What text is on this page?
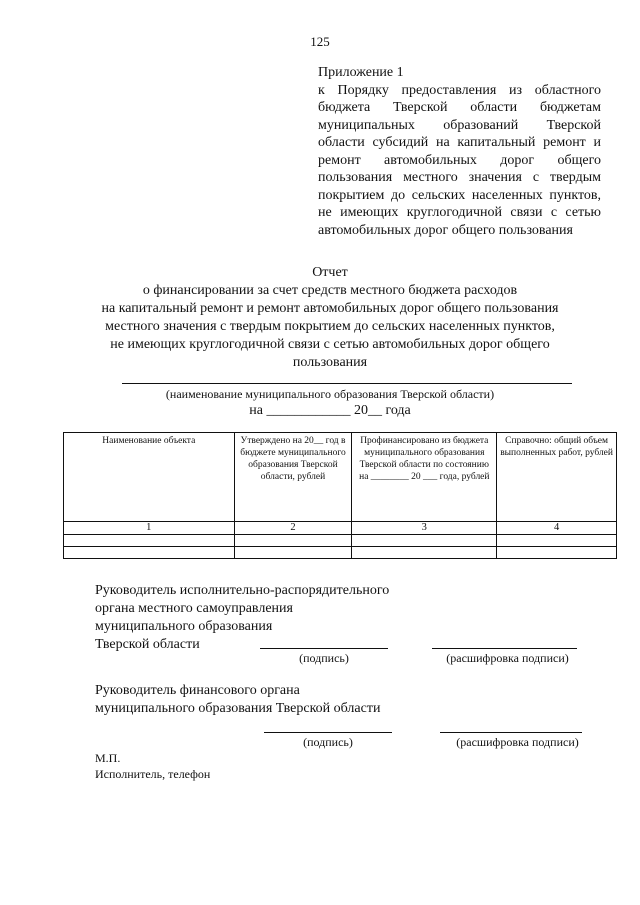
125
Приложение 1
к Порядку предоставления из областного бюджета Тверской области бюджетам муниципальных образований Тверской области субсидий на капитальный ремонт и ремонт автомобильных дорог общего пользования местного значения с твердым покрытием до сельских населенных пунктов, не имеющих круглогодичной связи с сетью автомобильных дорог общего пользования
Отчет
о финансировании за счет средств местного бюджета расходов
на капитальный ремонт и ремонт автомобильных дорог общего пользования
местного значения с твердым покрытием до сельских населенных пунктов,
не имеющих круглогодичной связи с сетью автомобильных дорог общего
пользования
(наименование муниципального образования Тверской области)
на ____________ 20__ года
Наименование объекта	Утверждено на 20__ год в бюджете муниципального образования Тверской области, рублей	Профинансировано из бюджета муниципального образования Тверской области по состоянию на ________ 20 ___ года, рублей	Справочно: общий объем выполненных работ, рублей
1	2	3	4

Руководитель исполнительно-распорядительного
органа местного самоуправления
муниципального образования
Тверской области
(подпись)	(расшифровка подписи)
Руководитель финансового органа
муниципального образования Тверской области
(подпись)	(расшифровка подписи)
М.П.
Исполнитель, телефон
